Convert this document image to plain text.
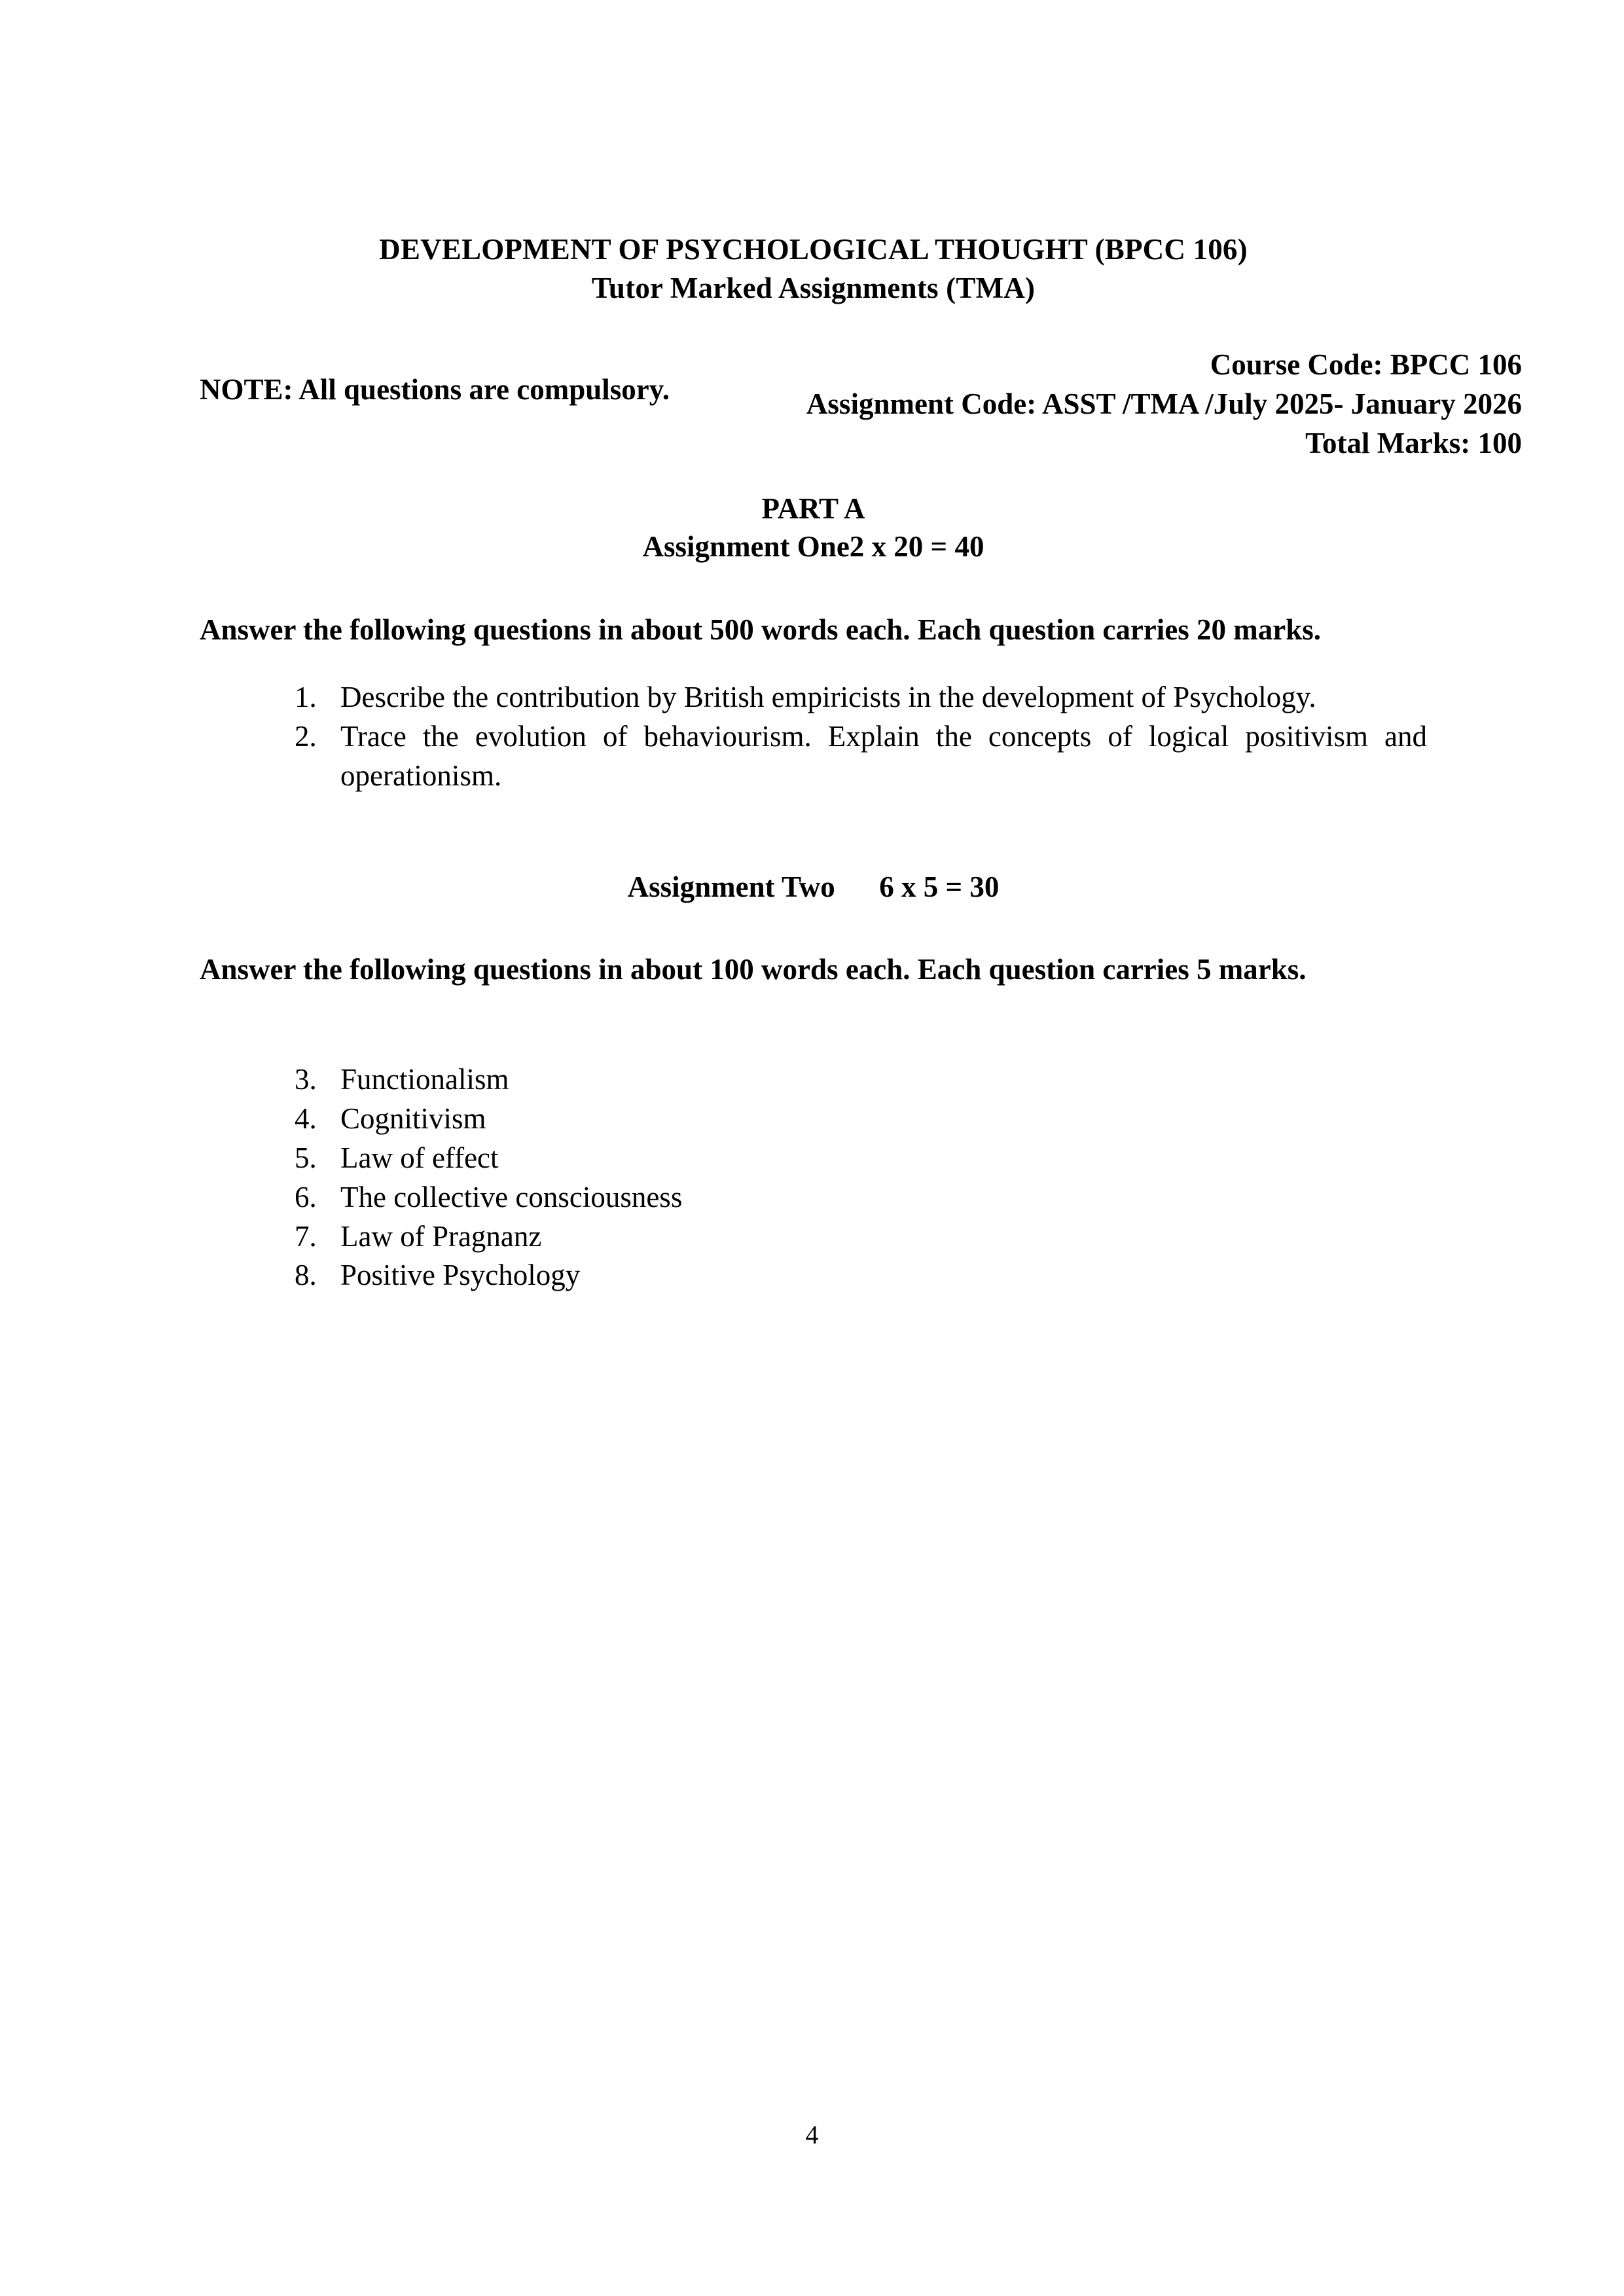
DEVELOPMENT OF PSYCHOLOGICAL THOUGHT (BPCC 106)
Tutor Marked Assignments (TMA)
NOTE: All questions are compulsory.
PART A
Assignment One2 x 20 = 40
Answer the following questions in about 500 words each. Each question carries 20 marks.
1. Describe the contribution by British empiricists in the development of Psychology.
2. Trace the evolution of behaviourism. Explain the concepts of logical positivism and operationism.
Assignment Two      6 x 5 = 30
Answer the following questions in about 100 words each. Each question carries 5 marks.
3. Functionalism
4. Cognitivism
5. Law of effect
6. The collective consciousness
7. Law of Pragnanz
8. Positive Psychology
Course Code: BPCC 106
Assignment Code: ASST /TMA /July 2025- January 2026
Total Marks: 100
4
